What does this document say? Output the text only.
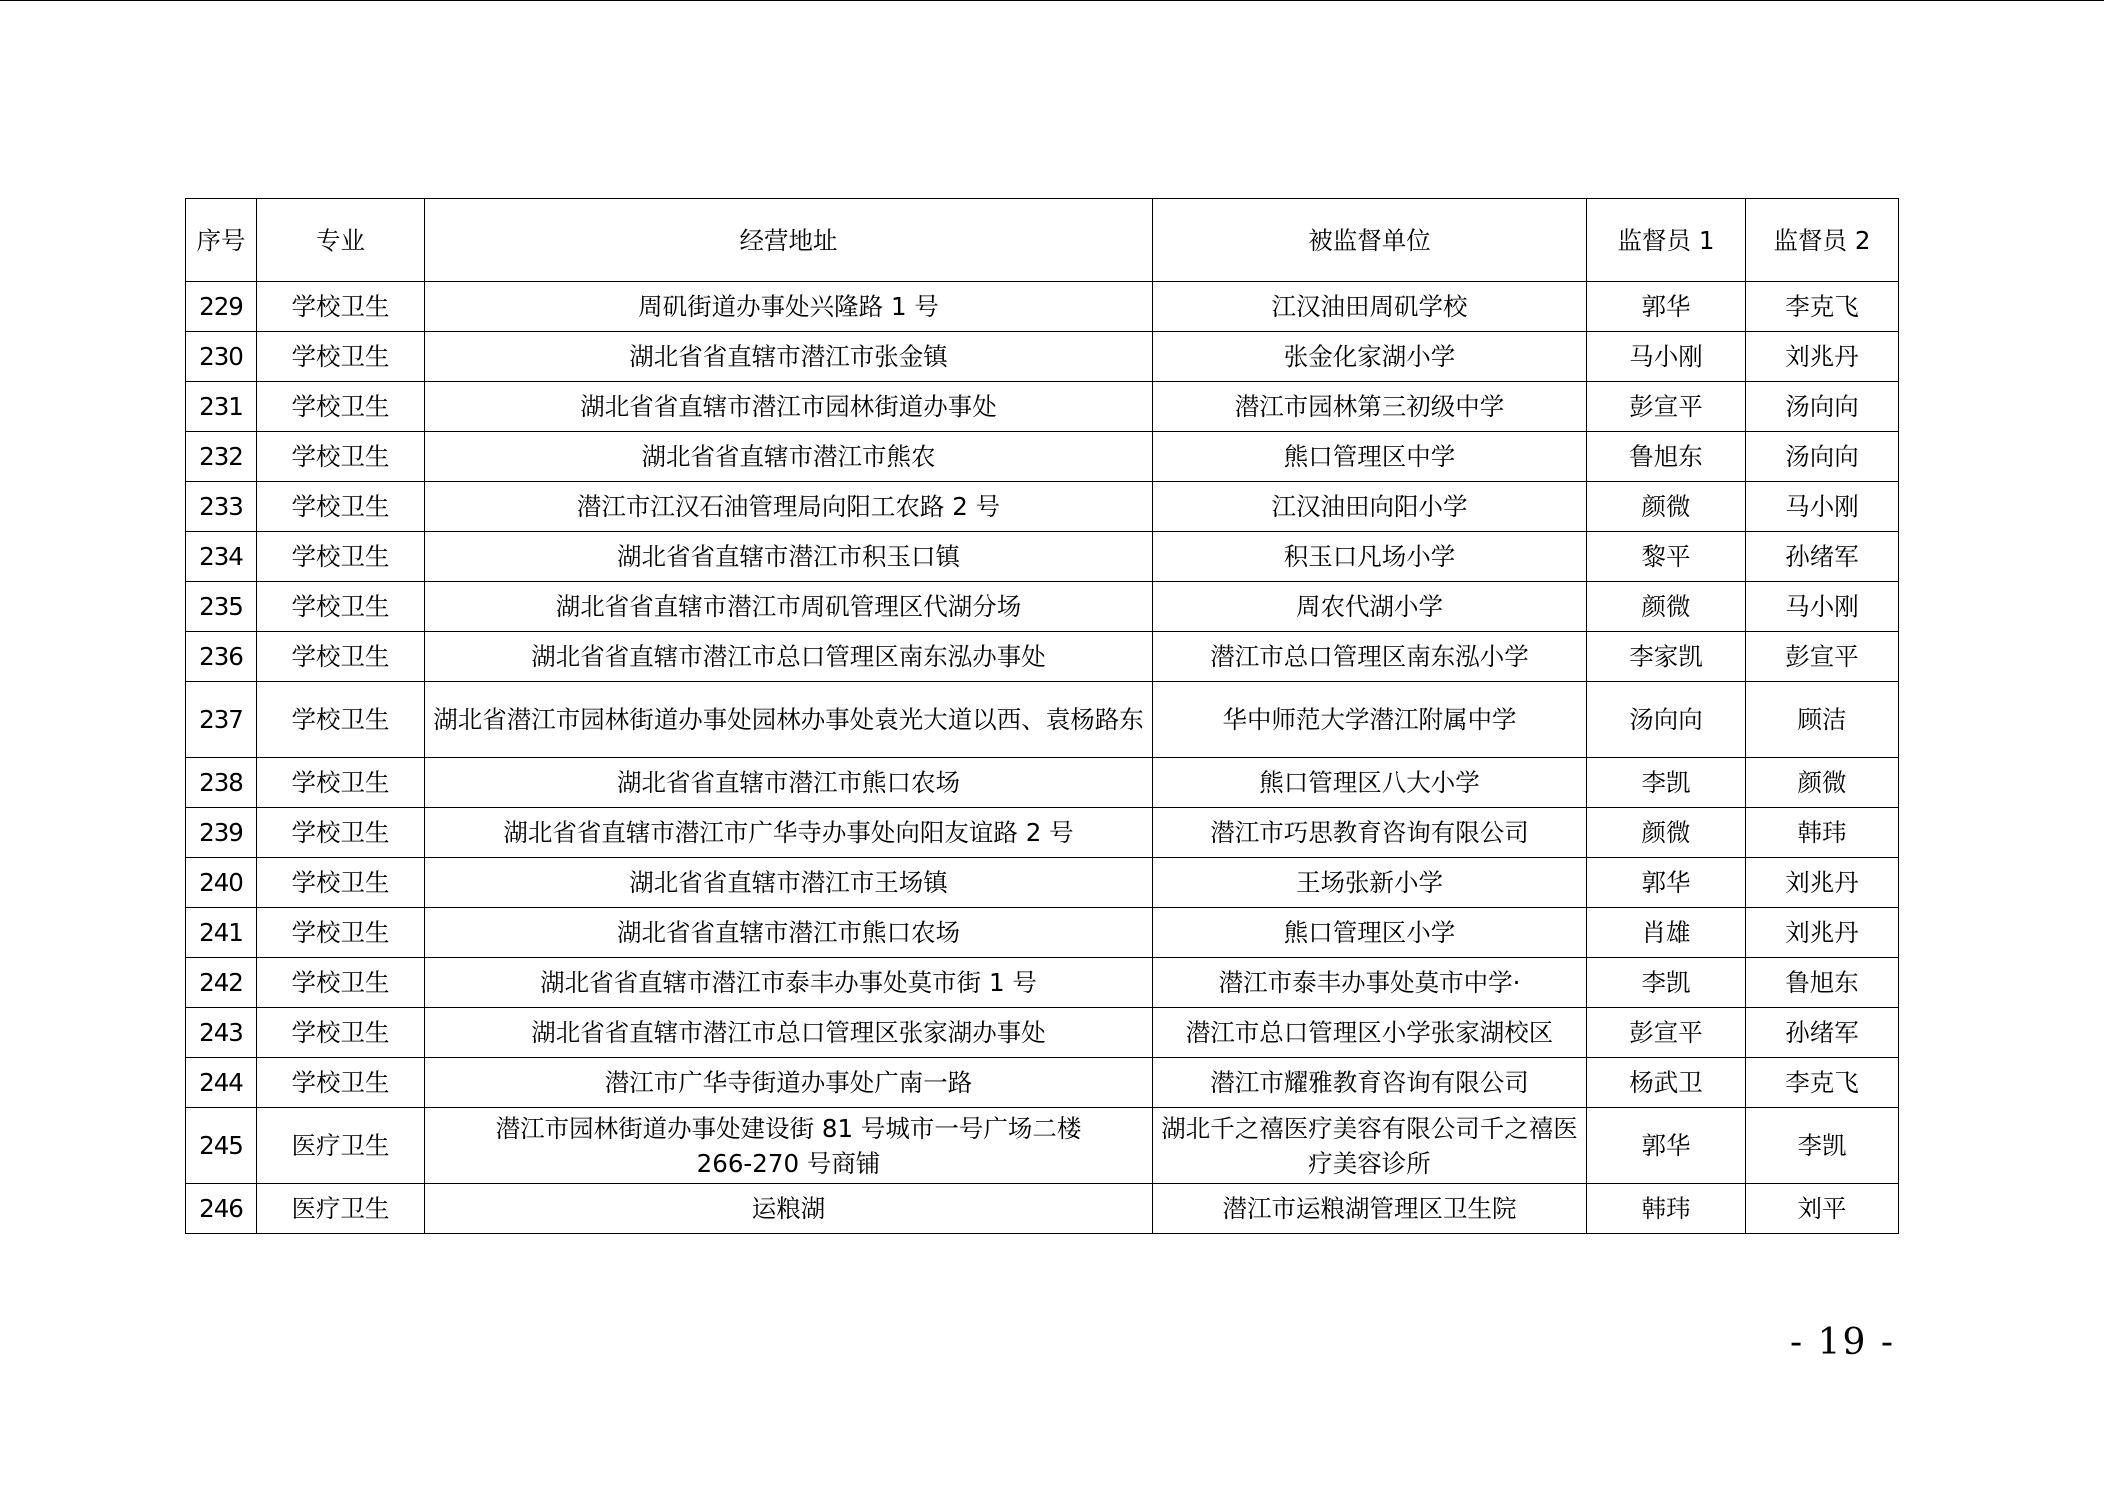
序号	专业	经营地址	被监督单位	监督员 1	监督员 2
229	学校卫生	周矶街道办事处兴隆路 1 号	江汉油田周矶学校	郭华	李克飞
230	学校卫生	湖北省省直辖市潜江市张金镇	张金化家湖小学	马小刚	刘兆丹
231	学校卫生	湖北省省直辖市潜江市园林街道办事处	潜江市园林第三初级中学	彭宣平	汤向向
232	学校卫生	湖北省省直辖市潜江市熊农	熊口管理区中学	鲁旭东	汤向向
233	学校卫生	潜江市江汉石油管理局向阳工农路 2 号	江汉油田向阳小学	颜微	马小刚
234	学校卫生	湖北省省直辖市潜江市积玉口镇	积玉口凡场小学	黎平	孙绪军
235	学校卫生	湖北省省直辖市潜江市周矶管理区代湖分场	周农代湖小学	颜微	马小刚
236	学校卫生	湖北省省直辖市潜江市总口管理区南东泓办事处	潜江市总口管理区南东泓小学	李家凯	彭宣平
237	学校卫生	湖北省潜江市园林街道办事处园林办事处袁光大道以西、袁杨路东	华中师范大学潜江附属中学	汤向向	顾洁
238	学校卫生	湖北省省直辖市潜江市熊口农场	熊口管理区八大小学	李凯	颜微
239	学校卫生	湖北省省直辖市潜江市广华寺办事处向阳友谊路 2 号	潜江市巧思教育咨询有限公司	颜微	韩玮
240	学校卫生	湖北省省直辖市潜江市王场镇	王场张新小学	郭华	刘兆丹
241	学校卫生	湖北省省直辖市潜江市熊口农场	熊口管理区小学	肖雄	刘兆丹
242	学校卫生	湖北省省直辖市潜江市泰丰办事处莫市街 1 号	潜江市泰丰办事处莫市中学·	李凯	鲁旭东
243	学校卫生	湖北省省直辖市潜江市总口管理区张家湖办事处	潜江市总口管理区小学张家湖校区	彭宣平	孙绪军
244	学校卫生	潜江市广华寺街道办事处广南一路	潜江市耀雅教育咨询有限公司	杨武卫	李克飞
245	医疗卫生	潜江市园林街道办事处建设街 81 号城市一号广场二楼 266-270 号商铺	湖北千之禧医疗美容有限公司千之禧医疗美容诊所	郭华	李凯
246	医疗卫生	运粮湖	潜江市运粮湖管理区卫生院	韩玮	刘平
- 19 -
